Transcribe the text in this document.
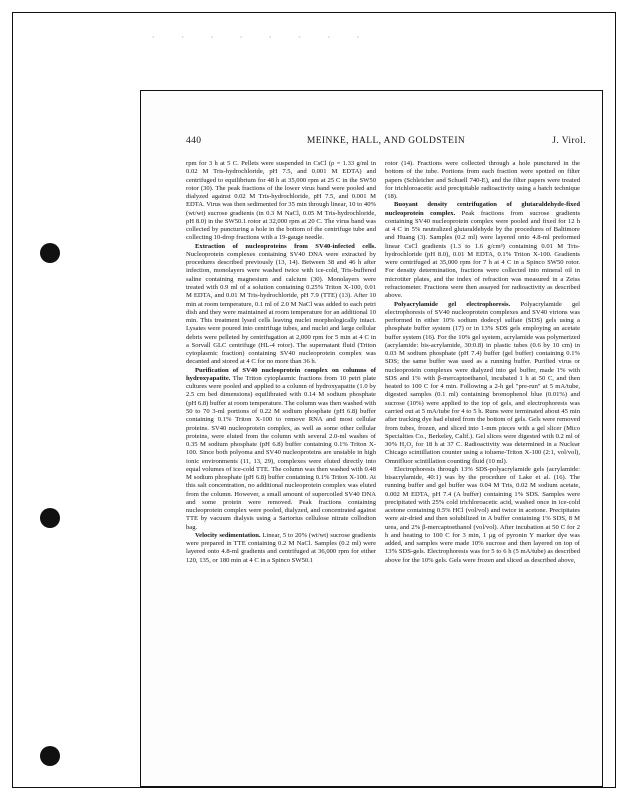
· · · · · · · ·
440	MEINKE, HALL, AND GOLDSTEIN	J. Virol.

rpm for 3 h at 5 C. Pellets were suspended in CsCl (ρ = 1.33 g/ml in 0.02 M Tris-hydrochloride, pH 7.5, and 0.001 M EDTA) and centrifuged to equilibrium for 48 h at 35,000 rpm at 25 C in the SW50 rotor (30). The peak fractions of the lower virus band were pooled and dialyzed against 0.02 M Tris-hydrochloride, pH 7.5, and 0.001 M EDTA. Virus was then sedimented for 35 min through linear, 10 to 40% (wt/wt) sucrose gradients (in 0.3 M NaCl, 0.05 M Tris-hydrochloride, pH 8.0) in the SW50.1 rotor at 32,000 rpm at 20 C. The virus band was collected by puncturing a hole in the bottom of the centrifuge tube and collecting 10-drop fractions with a 19-gauge needle.

Extraction of nucleoproteins from SV40-infected cells. Nucleoprotein complexes containing SV40 DNA were extracted by procedures described previously (13, 14). Between 38 and 46 h after infection, monolayers were washed twice with ice-cold, Tris-buffered saline containing magnesium and calcium (30). Monolayers were treated with 0.9 ml of a solution containing 0.25% Triton X-100, 0.01 M EDTA, and 0.01 M Tris-hydrochloride, pH 7.9 (TTE) (13). After 10 min at room temperature, 0.1 ml of 2.0 M NaCl was added to each petri dish and they were maintained at room temperature for an additional 10 min. This treatment lysed cells leaving nuclei morphologically intact. Lysates were poured into centrifuge tubes, and nuclei and large cellular debris were pelleted by centrifugation at 2,000 rpm for 5 min at 4 C in a Sorvall GLC centrifuge (HL-4 rotor). The supernatant fluid (Triton cytoplasmic fraction) containing SV40 nucleoprotein complex was decanted and stored at 4 C for no more than 36 h.

Purification of SV40 nucleoprotein complex on columns of hydroxyapatite. The Triton cytoplasmic fractions from 10 petri plate cultures were pooled and applied to a column of hydroxyapatite (1.0 by 2.5 cm bed dimensions) equilibrated with 0.14 M sodium phosphate (pH 6.8) buffer at room temperature. The column was then washed with 50 to 70 3-ml portions of 0.22 M sodium phosphate (pH 6.8) buffer containing 0.1% Triton X-100 to remove RNA and most cellular proteins. SV40 nucleoprotein complex, as well as some other cellular proteins, were eluted from the column with several 2.0-ml washes of 0.35 M sodium phosphate (pH 6.8) buffer containing 0.1% Triton X-100. Since both polyoma and SV40 nucleoproteins are unstable in high ionic environments (11, 13, 29), complexes were eluted directly into equal volumes of ice-cold TTE. The column was then washed with 0.48 M sodium phosphate (pH 6.8) buffer containing 0.1% Triton X-100. At this salt concentration, no additional nucleoprotein complex was eluted from the column. However, a small amount of supercoiled SV40 DNA and some protein were removed. Peak fractions containing nucleoprotein complex were pooled, dialyzed, and concentrated against TTE by vacuum dialysis using a Sartorius cellulose nitrate collodion bag.

Velocity sedimentation. Linear, 5 to 20% (wt/wt) sucrose gradients were prepared in TTE containing 0.2 M NaCl. Samples (0.2 ml) were layered onto 4.8-ml gradients and centrifuged at 36,000 rpm for either 120, 135, or 180 min at 4 C in a Spinco SW50.1

rotor (14). Fractions were collected through a hole punctured in the bottom of the tube. Portions from each fraction were spotted on filter papers (Schleicher and Schuell 740-E), and the filter papers were treated for trichloroacetic acid precipitable radioactivity using a batch technique (18).

Buoyant density centrifugation of glutaraldehyde-fixed nucleoprotein complex. Peak fractions from sucrose gradients containing SV40 nucleoprotein complex were pooled and fixed for 12 h at 4 C in 5% neutralized glutaraldehyde by the procedures of Baltimore and Huang (3). Samples (0.2 ml) were layered onto 4.8-ml preformed linear CsCl gradients (1.3 to 1.6 g/cm³) containing 0.01 M Tris-hydrochloride (pH 8.0), 0.01 M EDTA, 0.1% Triton X-100. Gradients were centrifuged at 35,000 rpm for 7 h at 4 C in a Spinco SW50 rotor. For density determination, fractions were collected into mineral oil in microtiter plates, and the index of refraction was measured in a Zeiss refractometer. Fractions were then assayed for radioactivity as described above.

Polyacrylamide gel electrophoresis. Polyacrylamide gel electrophoresis of SV40 nucleoprotein complexes and SV40 virions was performed in either 10% sodium dodecyl sulfate (SDS) gels using a phosphate buffer system (17) or in 13% SDS gels employing an acetate buffer system (16). For the 10% gel system, acrylamide was polymerized (acrylamide: bis-acrylamide, 30:0.8) in plastic tubes (0.6 by 10 cm) in 0.03 M sodium phosphate (pH 7.4) buffer (gel buffer) containing 0.1% SDS; the same buffer was used as a running buffer. Purified virus or nucleoprotein complexes were dialyzed into gel buffer, made 1% with SDS and 1% with β-mercaptoethanol, incubated 1 h at 50 C, and then heated to 100 C for 4 min. Following a 2-h gel "pre-run" at 5 mA/tube, digested samples (0.1 ml) containing bromophenol blue (0.01%) and sucrose (10%) were applied to the top of gels, and electrophoresis was carried out at 5 mA/tube for 4 to 5 h. Runs were terminated about 45 min after tracking dye had eluted from the bottom of gels. Gels were removed from tubes, frozen, and sliced into 1-mm pieces with a gel slicer (Mico Specialties Co., Berkeley, Calif.). Gel slices were digested with 0.2 ml of 30% H₂O₂ for 18 h at 37 C. Radioactivity was determined in a Nuclear Chicago scintillation counter using a toluene-Triton X-100 (2:1, vol/vol), Omnifluor scintillation counting fluid (10 ml).

Electrophoresis through 13% SDS-polyacrylamide gels (acrylamide: bisacrylamide, 40:1) was by the procedure of Lake et al. (16). The running buffer and gel buffer was 0.04 M Tris, 0.02 M sodium acetate, 0.002 M EDTA, pH 7.4 (A buffer) containing 1% SDS. Samples were precipitated with 25% cold trichloroacetic acid, washed once in ice-cold acetone containing 0.5% HCl (vol/vol) and twice in acetone. Precipitates were air-dried and then solubilized in A buffer containing 1% SDS, 8 M urea, and 2% β-mercaptoethanol (vol/vol). After incubation at 50 C for 2 h and heating to 100 C for 3 min, 1 μg of pyronin Y marker dye was added, and samples were made 10% sucrose and then layered on top of 13% SDS-gels. Electrophoresis was for 5 to 6 h (5 mA/tube) as described above for the 10% gels. Gels were frozen and sliced as described above,
